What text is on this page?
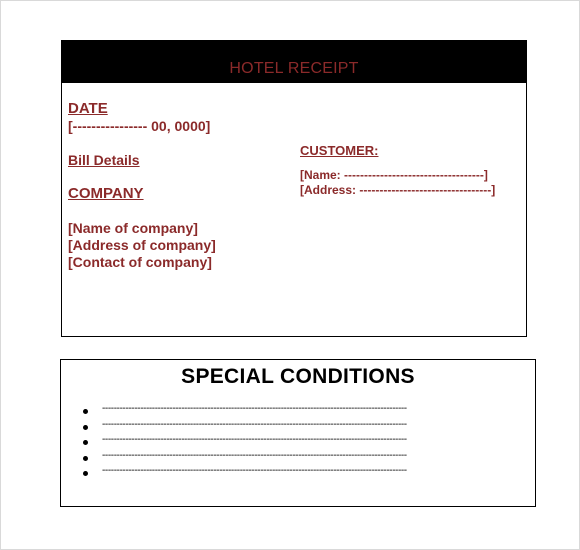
HOTEL RECEIPT
DATE
[---------------- 00, 0000]
Bill Details
COMPANY
[Name of company]
[Address of company]
[Contact of company]
CUSTOMER:
[Name: -----------------------------------]
[Address: ---------------------------------]
SPECIAL CONDITIONS
--------------------------------------------------------------------------------------------------------
--------------------------------------------------------------------------------------------------------
--------------------------------------------------------------------------------------------------------
--------------------------------------------------------------------------------------------------------
--------------------------------------------------------------------------------------------------------
